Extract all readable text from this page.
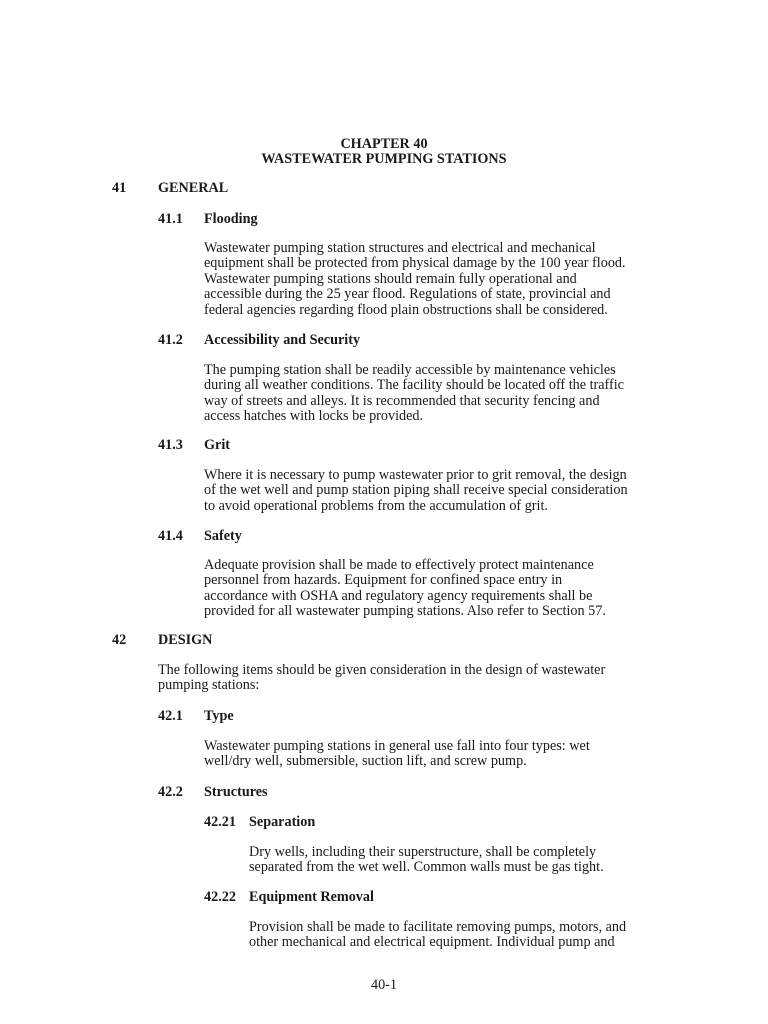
CHAPTER 40
WASTEWATER PUMPING STATIONS
41 GENERAL
41.1 Flooding
Wastewater pumping station structures and electrical and mechanical
equipment shall be protected from physical damage by the 100 year flood.
Wastewater pumping stations should remain fully operational and
accessible during the 25 year flood. Regulations of state, provincial and
federal agencies regarding flood plain obstructions shall be considered.
41.2 Accessibility and Security
The pumping station shall be readily accessible by maintenance vehicles
during all weather conditions. The facility should be located off the traffic
way of streets and alleys. It is recommended that security fencing and
access hatches with locks be provided.
41.3 Grit
Where it is necessary to pump wastewater prior to grit removal, the design
of the wet well and pump station piping shall receive special consideration
to avoid operational problems from the accumulation of grit.
41.4 Safety
Adequate provision shall be made to effectively protect maintenance
personnel from hazards. Equipment for confined space entry in
accordance with OSHA and regulatory agency requirements shall be
provided for all wastewater pumping stations. Also refer to Section 57.
42 DESIGN
The following items should be given consideration in the design of wastewater
pumping stations:
42.1 Type
Wastewater pumping stations in general use fall into four types: wet
well/dry well, submersible, suction lift, and screw pump.
42.2 Structures
42.21 Separation
Dry wells, including their superstructure, shall be completely
separated from the wet well. Common walls must be gas tight.
42.22 Equipment Removal
Provision shall be made to facilitate removing pumps, motors, and
other mechanical and electrical equipment. Individual pump and
40-1
